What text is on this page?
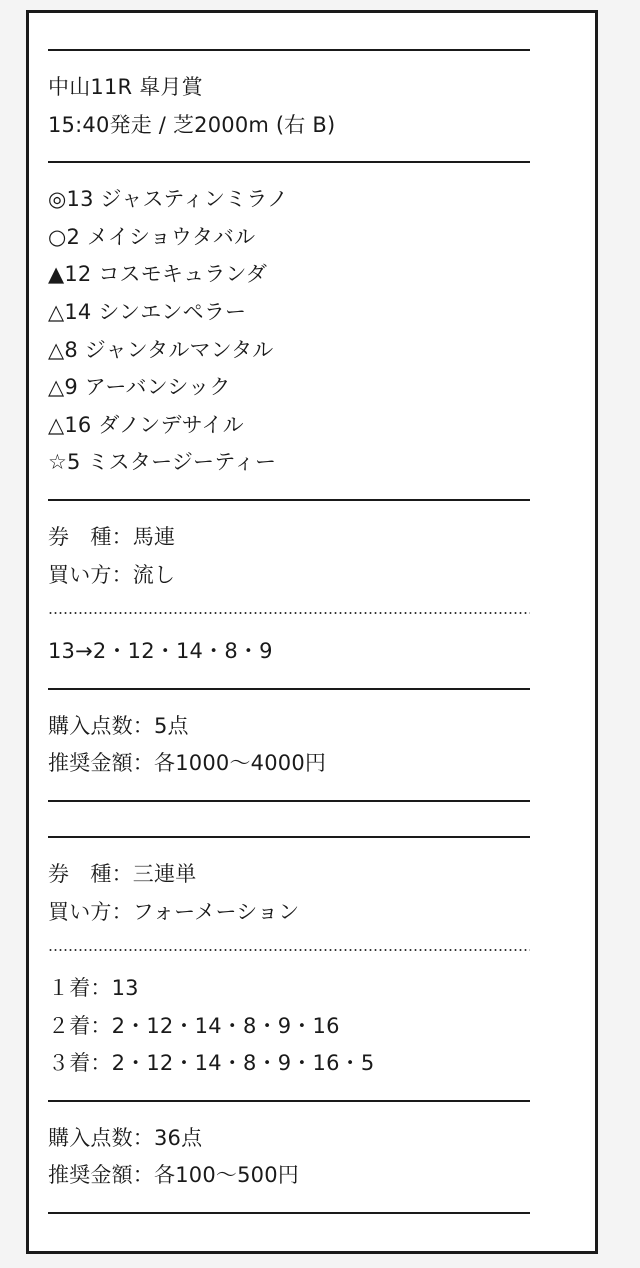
中山11R 皐月賞
15:40発走 / 芝2000m (右 B)
◎13 ジャスティンミラノ
○2 メイショウタバル
▲12 コスモキュランダ
△14 シンエンペラー
△8 ジャンタルマンタル
△9 アーバンシック
△16 ダノンデサイル
☆5 ミスタージーティー
券　種：馬連
買い方：流し
13→2・12・14・8・9
購入点数：5点
推奨金額：各1000〜4000円
券　種：三連単
買い方：フォーメーション
１着：13
２着：2・12・14・8・9・16
３着：2・12・14・8・9・16・5
購入点数：36点
推奨金額：各100〜500円
